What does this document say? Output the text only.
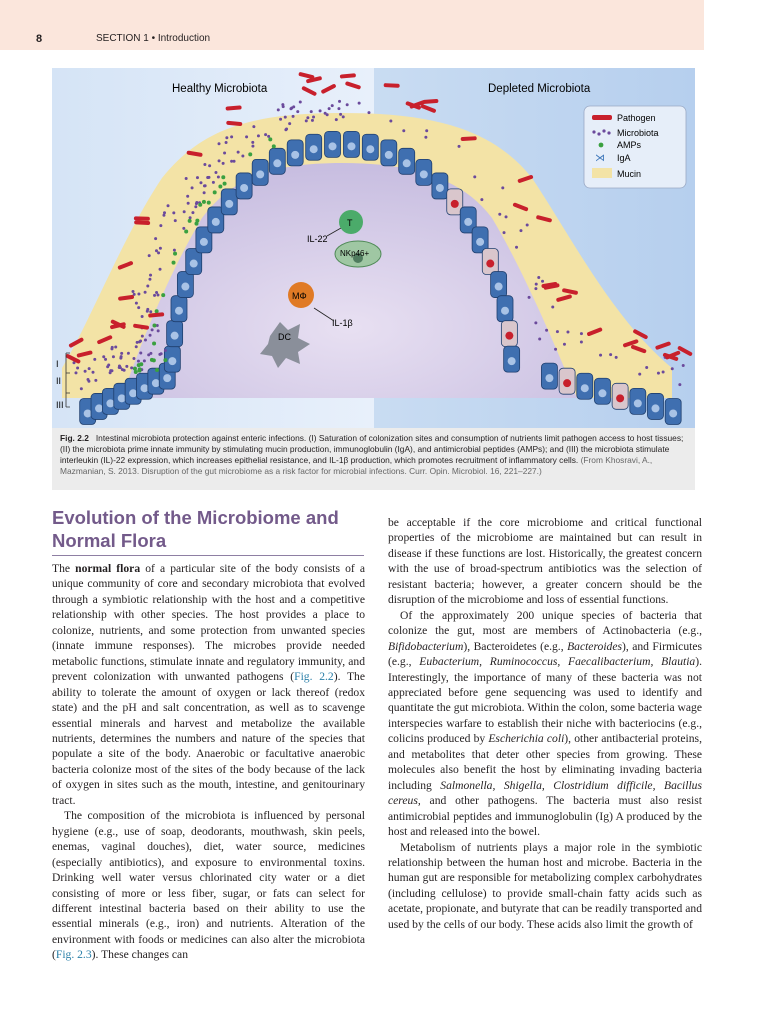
8	SECTION 1 • Introduction
Healthy Microbiota	Depleted Microbiota
Pathogen
Microbiota
AMPs
⋊ IgA
Mucin
T
NKp46+
IL-22
MΦ
DC
IL-1β
I
II
III
Fig. 2.2 Intestinal microbiota protection against enteric infections. (I) Saturation of colonization sites and consumption of nutrients limit pathogen access to host tissues; (II) the microbiota prime innate immunity by stimulating mucin production, immunoglobulin (IgA), and antimicrobial peptides (AMPs); and (III) the microbiota stimulate interleukin (IL)-22 expression, which increases epithelial resistance, and IL-1β production, which promotes recruitment of inflammatory cells. (From Khosravi, A., Mazmanian, S. 2013. Disruption of the gut microbiome as a risk factor for microbial infections. Curr. Opin. Microbiol. 16, 221–227.)
Evolution of the Microbiome and Normal Flora

The normal flora of a particular site of the body consists of a unique community of core and secondary microbiota that evolved through a symbiotic relationship with the host and a competitive relationship with other species. The host provides a place to colonize, nutrients, and some protection from unwanted species (innate immune responses). The microbes provide needed metabolic functions, stimulate innate and regulatory immunity, and prevent colonization with unwanted pathogens (Fig. 2.2). The ability to tolerate the amount of oxygen or lack thereof (redox state) and the pH and salt concentration, as well as to scavenge essential minerals and harvest and metabolize the available nutrients, determines the numbers and nature of the species that populate a site of the body. Anaerobic or facultative anaerobic bacteria colonize most of the sites of the body because of the lack of oxygen in sites such as the mouth, intestine, and genitourinary tract.

The composition of the microbiota is influenced by personal hygiene (e.g., use of soap, deodorants, mouthwash, skin peels, enemas, vaginal douches), diet, water source, medicines (especially antibiotics), and exposure to environmental toxins. Drinking well water versus chlorinated city water or a diet consisting of more or less fiber, sugar, or fats can select for different intestinal bacteria based on their ability to use the essential minerals (e.g., iron) and nutrients. Alteration of the environment with foods or medicines can also alter the microbiota (Fig. 2.3). These changes can

be acceptable if the core microbiome and critical functional properties of the microbiome are maintained but can result in disease if these functions are lost. Historically, the greatest concern with the use of broad-spectrum antibiotics was the selection of resistant bacteria; however, a greater concern should be the disruption of the microbiome and loss of essential functions.

Of the approximately 200 unique species of bacteria that colonize the gut, most are members of Actinobacteria (e.g., Bifidobacterium), Bacteroidetes (e.g., Bacteroides), and Firmicutes (e.g., Eubacterium, Ruminococcus, Faecalibacterium, Blautia). Interestingly, the importance of many of these bacteria was not appreciated before gene sequencing was used to identify and quantitate the gut microbiota. Within the colon, some bacteria wage interspecies warfare to establish their niche with bacteriocins (e.g., colicins produced by Escherichia coli), other antibacterial proteins, and metabolites that deter other species from growing. These molecules also benefit the host by eliminating invading bacteria including Salmonella, Shigella, Clostridium difficile, Bacillus cereus, and other pathogens. The bacteria must also resist antimicrobial peptides and immunoglobulin (Ig) A produced by the host and released into the bowel.

Metabolism of nutrients plays a major role in the symbiotic relationship between the human host and microbe. Bacteria in the human gut are responsible for metabolizing complex carbohydrates (including cellulose) to provide small-chain fatty acids such as acetate, propionate, and butyrate that can be readily transported and used by the cells of our body. These acids also limit the growth of
